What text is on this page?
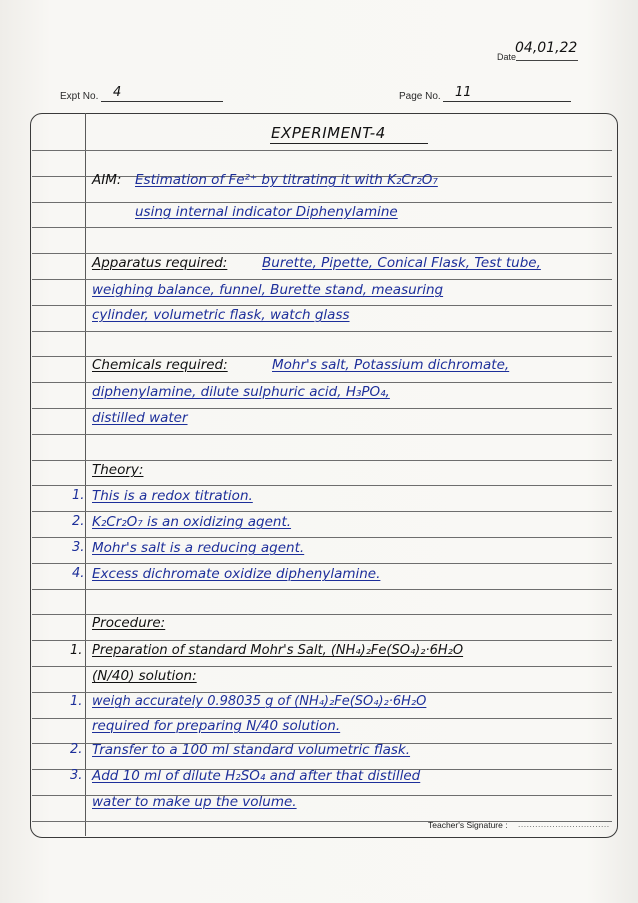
Date
04,01,22
Expt No. 4	Page No. 11
EXPERIMENT-4
AIM: Estimation of Fe²⁺ by titrating it with K₂Cr₂O₇
using internal indicator Diphenylamine
Apparatus required:	Burette, Pipette, Conical Flask, Test tube,
weighing balance, funnel, Burette stand, measuring
cylinder, volumetric flask, watch glass
Chemicals required:	Mohr's salt, Potassium dichromate,
diphenylamine, dilute sulphuric acid, H₃PO₄,
distilled water
Theory:
1. This is a redox titration.
2. K₂Cr₂O₇ is an oxidizing agent.
3. Mohr's salt is a reducing agent.
4. Excess dichromate oxidize diphenylamine.
Procedure:
1. Preparation of standard Mohr's Salt, (NH₄)₂Fe(SO₄)₂·6H₂O
(N/40) solution:
1. weigh accurately 0.98035 g of (NH₄)₂Fe(SO₄)₂·6H₂O
required for preparing N/40 solution.
2. Transfer to a 100 ml standard volumetric flask.
3. Add 10 ml of dilute H₂SO₄ and after that distilled
water to make up the volume.
Teacher's Signature : ................................
